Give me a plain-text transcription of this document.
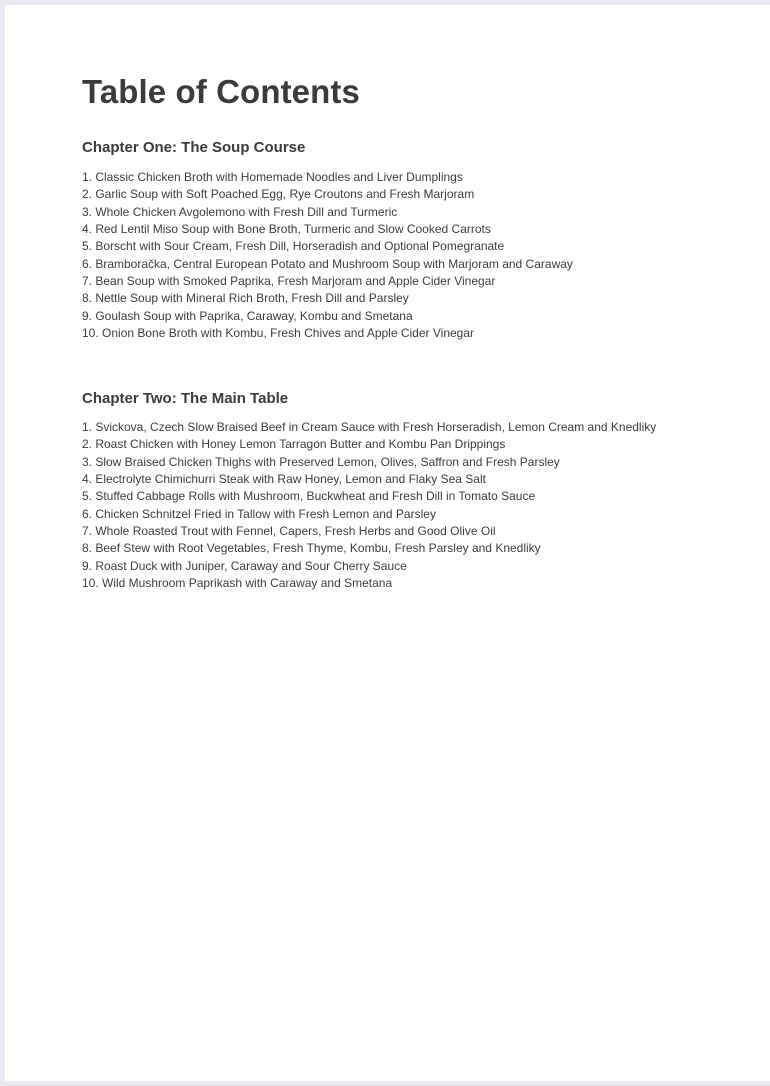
Table of Contents
Chapter One: The Soup Course
1. Classic Chicken Broth with Homemade Noodles and Liver Dumplings
2. Garlic Soup with Soft Poached Egg, Rye Croutons and Fresh Marjoram
3. Whole Chicken Avgolemono with Fresh Dill and Turmeric
4. Red Lentil Miso Soup with Bone Broth, Turmeric and Slow Cooked Carrots
5. Borscht with Sour Cream, Fresh Dill, Horseradish and Optional Pomegranate
6. Bramboračka, Central European Potato and Mushroom Soup with Marjoram and Caraway
7. Bean Soup with Smoked Paprika, Fresh Marjoram and Apple Cider Vinegar
8. Nettle Soup with Mineral Rich Broth, Fresh Dill and Parsley
9. Goulash Soup with Paprika, Caraway, Kombu and Smetana
10. Onion Bone Broth with Kombu, Fresh Chives and Apple Cider Vinegar
Chapter Two: The Main Table
1. Svickova, Czech Slow Braised Beef in Cream Sauce with Fresh Horseradish, Lemon Cream and Knedliky
2. Roast Chicken with Honey Lemon Tarragon Butter and Kombu Pan Drippings
3. Slow Braised Chicken Thighs with Preserved Lemon, Olives, Saffron and Fresh Parsley
4. Electrolyte Chimichurri Steak with Raw Honey, Lemon and Flaky Sea Salt
5. Stuffed Cabbage Rolls with Mushroom, Buckwheat and Fresh Dill in Tomato Sauce
6. Chicken Schnitzel Fried in Tallow with Fresh Lemon and Parsley
7. Whole Roasted Trout with Fennel, Capers, Fresh Herbs and Good Olive Oil
8. Beef Stew with Root Vegetables, Fresh Thyme, Kombu, Fresh Parsley and Knedliky
9. Roast Duck with Juniper, Caraway and Sour Cherry Sauce
10. Wild Mushroom Paprikash with Caraway and Smetana
